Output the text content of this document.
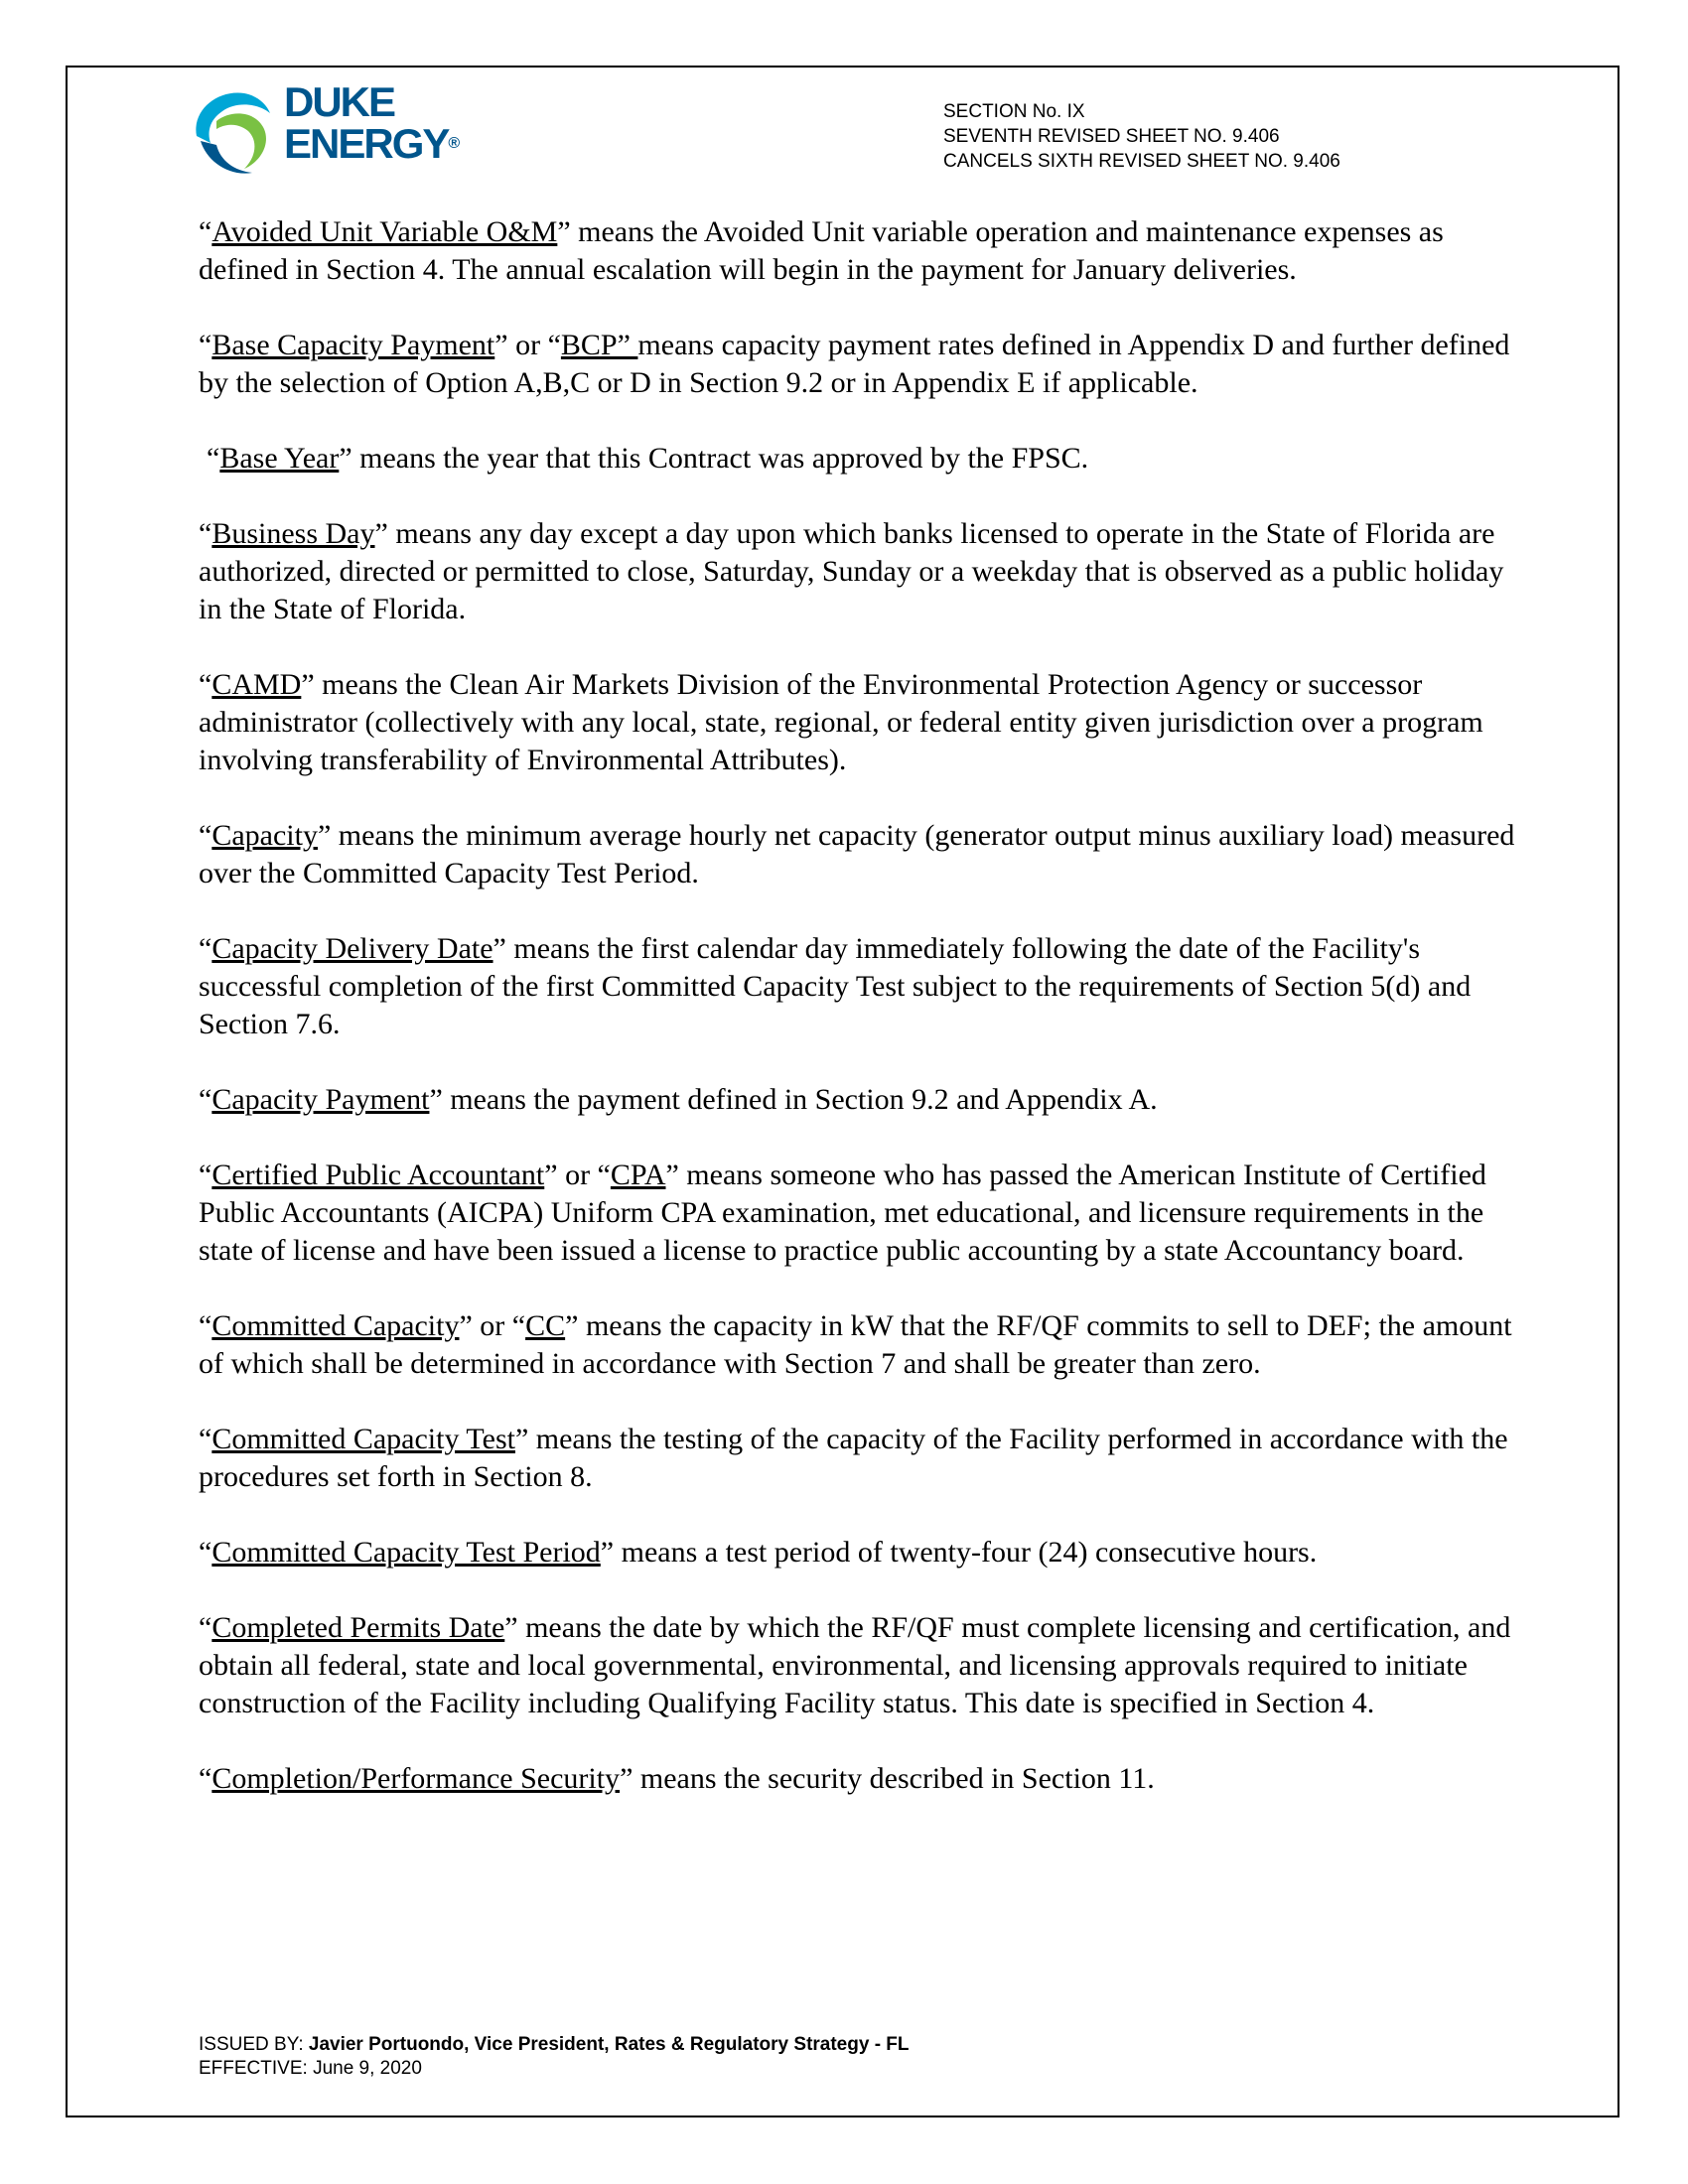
DUKE
ENERGY®
SECTION No. IX
SEVENTH REVISED SHEET NO. 9.406
CANCELS SIXTH REVISED SHEET NO. 9.406

“Avoided Unit Variable O&M” means the Avoided Unit variable operation and maintenance expenses as defined in Section 4. The annual escalation will begin in the payment for January deliveries.

“Base Capacity Payment” or “BCP” means capacity payment rates defined in Appendix D and further defined by the selection of Option A,B,C or D in Section 9.2 or in Appendix E if applicable.

“Base Year” means the year that this Contract was approved by the FPSC.

“Business Day” means any day except a day upon which banks licensed to operate in the State of Florida are authorized, directed or permitted to close, Saturday, Sunday or a weekday that is observed as a public holiday in the State of Florida.

“CAMD” means the Clean Air Markets Division of the Environmental Protection Agency or successor administrator (collectively with any local, state, regional, or federal entity given jurisdiction over a program involving transferability of Environmental Attributes).

“Capacity” means the minimum average hourly net capacity (generator output minus auxiliary load) measured over the Committed Capacity Test Period.

“Capacity Delivery Date” means the first calendar day immediately following the date of the Facility's successful completion of the first Committed Capacity Test subject to the requirements of Section 5(d) and Section 7.6.

“Capacity Payment” means the payment defined in Section 9.2 and Appendix A.

“Certified Public Accountant” or “CPA” means someone who has passed the American Institute of Certified Public Accountants (AICPA) Uniform CPA examination, met educational, and licensure requirements in the state of license and have been issued a license to practice public accounting by a state Accountancy board.

“Committed Capacity” or “CC” means the capacity in kW that the RF/QF commits to sell to DEF; the amount of which shall be determined in accordance with Section 7 and shall be greater than zero.

“Committed Capacity Test” means the testing of the capacity of the Facility performed in accordance with the procedures set forth in Section 8.

“Committed Capacity Test Period” means a test period of twenty-four (24) consecutive hours.

“Completed Permits Date” means the date by which the RF/QF must complete licensing and certification, and obtain all federal, state and local governmental, environmental, and licensing approvals required to initiate construction of the Facility including Qualifying Facility status. This date is specified in Section 4.

“Completion/Performance Security” means the security described in Section 11.

ISSUED BY: Javier Portuondo, Vice President, Rates & Regulatory Strategy - FL
EFFECTIVE: June 9, 2020
